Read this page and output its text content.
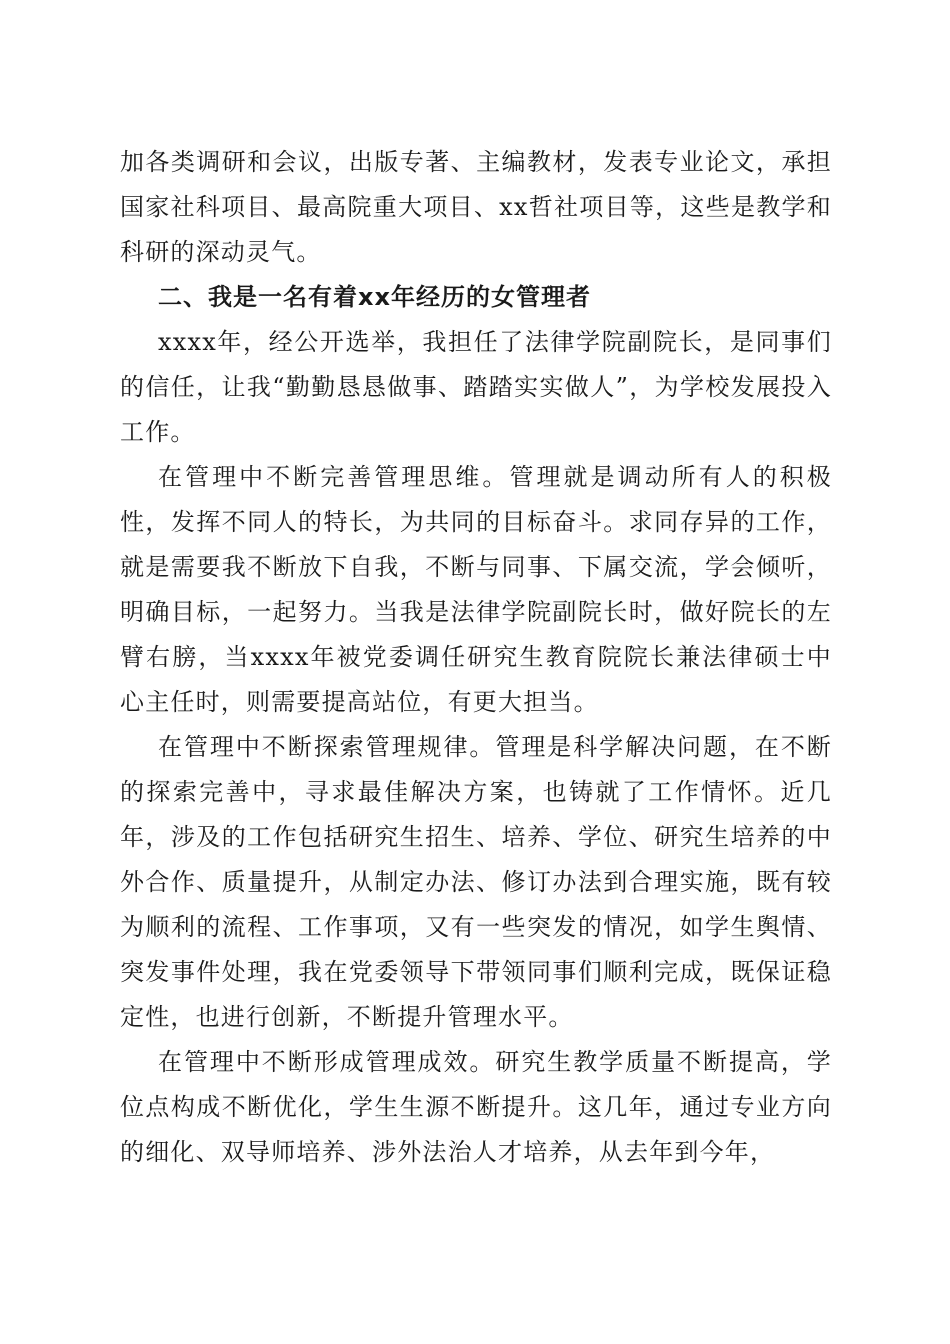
加各类调研和会议，出版专著、主编教材，发表专业论文，承担国家社科项目、最高院重大项目、xx哲社项目等，这些是教学和科研的深动灵气。

二、我是一名有着xx年经历的女管理者

xxxx年，经公开选举，我担任了法律学院副院长，是同事们的信任，让我“勤勤恳恳做事、踏踏实实做人”，为学校发展投入工作。

在管理中不断完善管理思维。管理就是调动所有人的积极性，发挥不同人的特长，为共同的目标奋斗。求同存异的工作，就是需要我不断放下自我，不断与同事、下属交流，学会倾听，明确目标，一起努力。当我是法律学院副院长时，做好院长的左臂右膀，当xxxx年被党委调任研究生教育院院长兼法律硕士中心主任时，则需要提高站位，有更大担当。

在管理中不断探索管理规律。管理是科学解决问题，在不断的探索完善中，寻求最佳解决方案，也铸就了工作情怀。近几年，涉及的工作包括研究生招生、培养、学位、研究生培养的中外合作、质量提升，从制定办法、修订办法到合理实施，既有较为顺利的流程、工作事项，又有一些突发的情况，如学生舆情、突发事件处理，我在党委领导下带领同事们顺利完成，既保证稳定性，也进行创新，不断提升管理水平。

在管理中不断形成管理成效。研究生教学质量不断提高，学位点构成不断优化，学生生源不断提升。这几年，通过专业方向的细化、双导师培养、涉外法治人才培养，从去年到今年，
